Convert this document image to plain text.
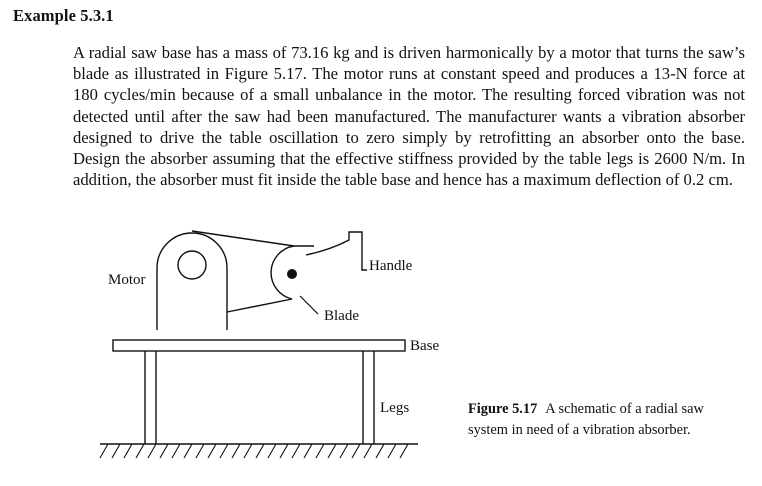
Example 5.3.1

A radial saw base has a mass of 73.16 kg and is driven harmonically by a motor that turns the saw’s blade as illustrated in Figure 5.17. The motor runs at constant speed and produces a 13-N force at 180 cycles/min because of a small unbalance in the motor. The resulting forced vibration was not detected until after the saw had been manufactured. The manufacturer wants a vibration absorber designed to drive the table oscillation to zero simply by retrofitting an absorber onto the base. Design the absorber assuming that the effective stiffness provided by the table legs is 2600 N/m. In addition, the absorber must fit inside the table base and hence has a maximum deflection of 0.2 cm.

Motor
Handle
Blade
Base
Legs	Figure 5.17 A schematic of a radial saw system in need of a vibration absorber.
